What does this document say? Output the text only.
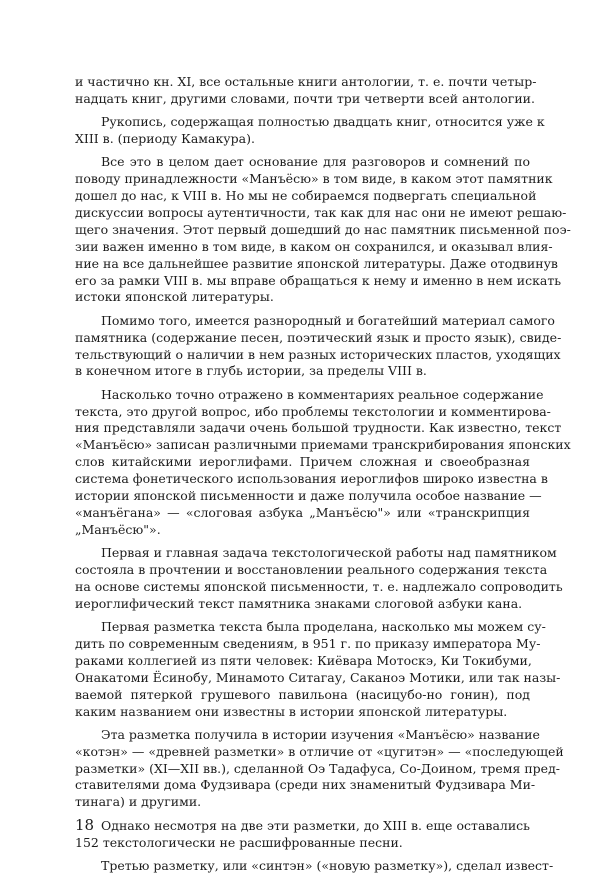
и частично кн. XI, все остальные книги антологии, т. е. почти четыр-
надцать книг, другими словами, почти три четверти всей антологии.
Рукопись, содержащая полностью двадцать книг, относится уже к
XIII в. (периоду Камакура).
Все это в целом дает основание для разговоров и сомнений по
поводу принадлежности «Манъёсю» в том виде, в каком этот памятник
дошел до нас, к VIII в. Но мы не собираемся подвергать специальной
дискуссии вопросы аутентичности, так как для нас они не имеют решаю-
щего значения. Этот первый дошедший до нас памятник письменной поэ-
зии важен именно в том виде, в каком он сохранился, и оказывал влия-
ние на все дальнейшее развитие японской литературы. Даже отодвинув
его за рамки VIII в. мы вправе обращаться к нему и именно в нем искать
истоки японской литературы.
Помимо того, имеется разнородный и богатейший материал самого
памятника (содержание песен, поэтический язык и просто язык), свиде-
тельствующий о наличии в нем разных исторических пластов, уходящих
в конечном итоге в глубь истории, за пределы VIII в.
Насколько точно отражено в комментариях реальное содержание
текста, это другой вопрос, ибо проблемы текстологии и комментирова-
ния представляли задачи очень большой трудности. Как известно, текст
«Манъёсю» записан различными приемами транскрибирования японских
слов китайскими иероглифами. Причем сложная и своеобразная
система фонетического использования иероглифов широко известна в
истории японской письменности и даже получила особое название —
«манъёгана» — «слоговая азбука „Манъёсю"» или «транскрипция
„Манъёсю"».
Первая и главная задача текстологической работы над памятником
состояла в прочтении и восстановлении реального содержания текста
на основе системы японской письменности, т. е. надлежало сопроводить
иероглифический текст памятника знаками слоговой азбуки кана.
Первая разметка текста была проделана, насколько мы можем су-
дить по современным сведениям, в 951 г. по приказу императора Му-
раками коллегией из пяти человек: Киёвара Мотоскэ, Ки Токибуми,
Онакатоми Ёсинобу, Минамото Ситагау, Саканоэ Мотики, или так назы-
ваемой пятеркой грушевого павильона (насицубо-но гонин), под
каким названием они известны в истории японской литературы.
Эта разметка получила в истории изучения «Манъёсю» название
«котэн» — «древней разметки» в отличие от «цугитэн» — «последующей
разметки» (XI—XII вв.), сделанной Оэ Тадафуса, Со-Доином, тремя пред-
ставителями дома Фудзивара (среди них знаменитый Фудзивара Ми-
тинага) и другими.
Однако несмотря на две эти разметки, до XIII в. еще оставались
152 текстологически не расшифрованные песни.
Третью разметку, или «синтэн» («новую разметку»), сделал извест-
18
